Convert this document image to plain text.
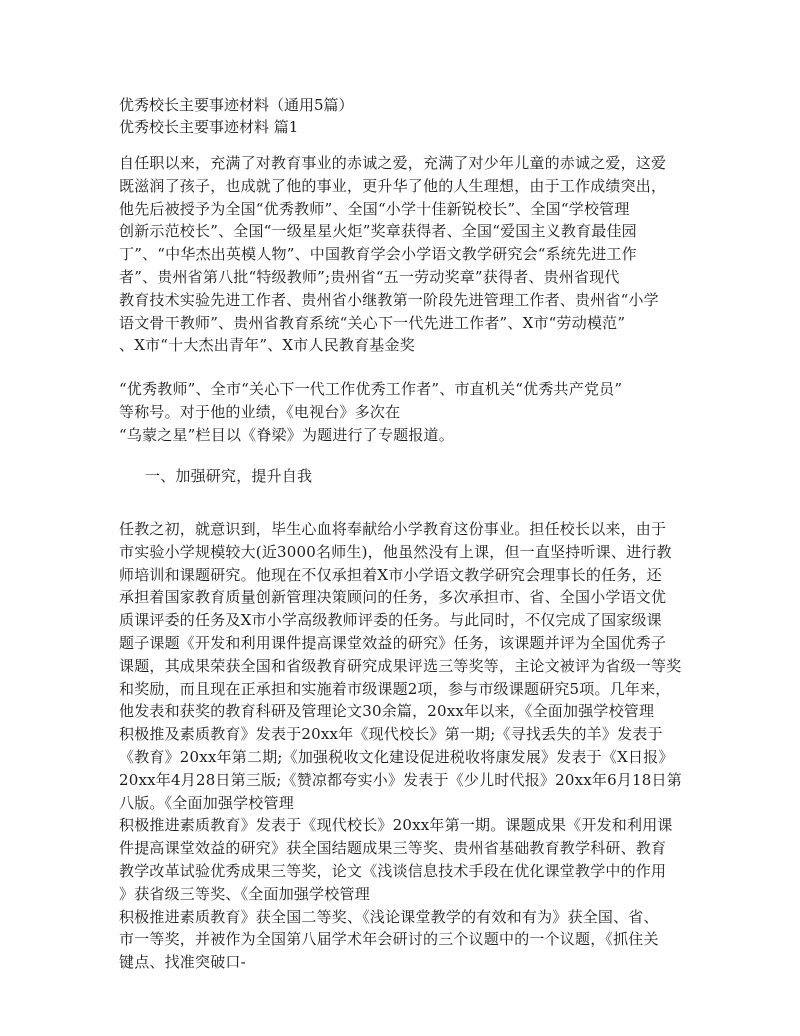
优秀校长主要事迹材料（通用5篇）
优秀校长主要事迹材料 篇1
自任职以来，充满了对教育事业的赤诚之爱，充满了对少年儿童的赤诚之爱，这爱
既滋润了孩子，也成就了他的事业，更升华了他的人生理想，由于工作成绩突出，
他先后被授予为全国“优秀教师”、全国“小学十佳新锐校长”、全国“学校管理
创新示范校长”、全国“一级星星火炬”奖章获得者、全国“爱国主义教育最佳园
丁”、“中华杰出英模人物”、中国教育学会小学语文教学研究会“系统先进工作
者”、贵州省第八批“特级教师”;贵州省“五一劳动奖章”获得者、贵州省现代
教育技术实验先进工作者、贵州省小继教第一阶段先进管理工作者、贵州省“小学
语文骨干教师”、贵州省教育系统“关心下一代先进工作者”、X市“劳动模范”
、X市“十大杰出青年”、X市人民教育基金奖
“优秀教师”、全市“关心下一代工作优秀工作者”、市直机关“优秀共产党员”
等称号。对于他的业绩，《电视台》多次在
“乌蒙之星”栏目以《脊梁》为题进行了专题报道。
一、加强研究，提升自我
任教之初，就意识到，毕生心血将奉献给小学教育这份事业。担任校长以来，由于
市实验小学规模较大(近3000名师生)，他虽然没有上课，但一直坚持听课、进行教
师培训和课题研究。他现在不仅承担着X市小学语文教学研究会理事长的任务，还
承担着国家教育质量创新管理决策顾问的任务，多次承担市、省、全国小学语文优
质课评委的任务及X市小学高级教师评委的任务。与此同时，不仅完成了国家级课
题子课题《开发和利用课件提高课堂效益的研究》任务，该课题并评为全国优秀子
课题，其成果荣获全国和省级教育研究成果评选三等奖等，主论文被评为省级一等奖
和奖励，而且现在正承担和实施着市级课题2项，参与市级课题研究5项。几年来，
他发表和获奖的教育科研及管理论文30余篇，20xx年以来，《全面加强学校管理
积极推及素质教育》发表于20xx年《现代校长》第一期;《寻找丢失的羊》发表于
《教育》20xx年第二期;《加强税收文化建设促进税收将康发展》发表于《X日报》
20xx年4月28日第三版;《赞凉都夸实小》发表于《少儿时代报》20xx年6月18日第
八版。《全面加强学校管理
积极推进素质教育》发表于《现代校长》20xx年第一期。课题成果《开发和利用课
件提高课堂效益的研究》获全国结题成果三等奖、贵州省基础教育教学科研、教育
教学改革试验优秀成果三等奖，论文《浅谈信息技术手段在优化课堂教学中的作用
》获省级三等奖、《全面加强学校管理
积极推进素质教育》获全国二等奖、《浅论课堂教学的有效和有为》获全国、省、
市一等奖，并被作为全国第八届学术年会研讨的三个议题中的一个议题，《抓住关
键点、找准突破口-
